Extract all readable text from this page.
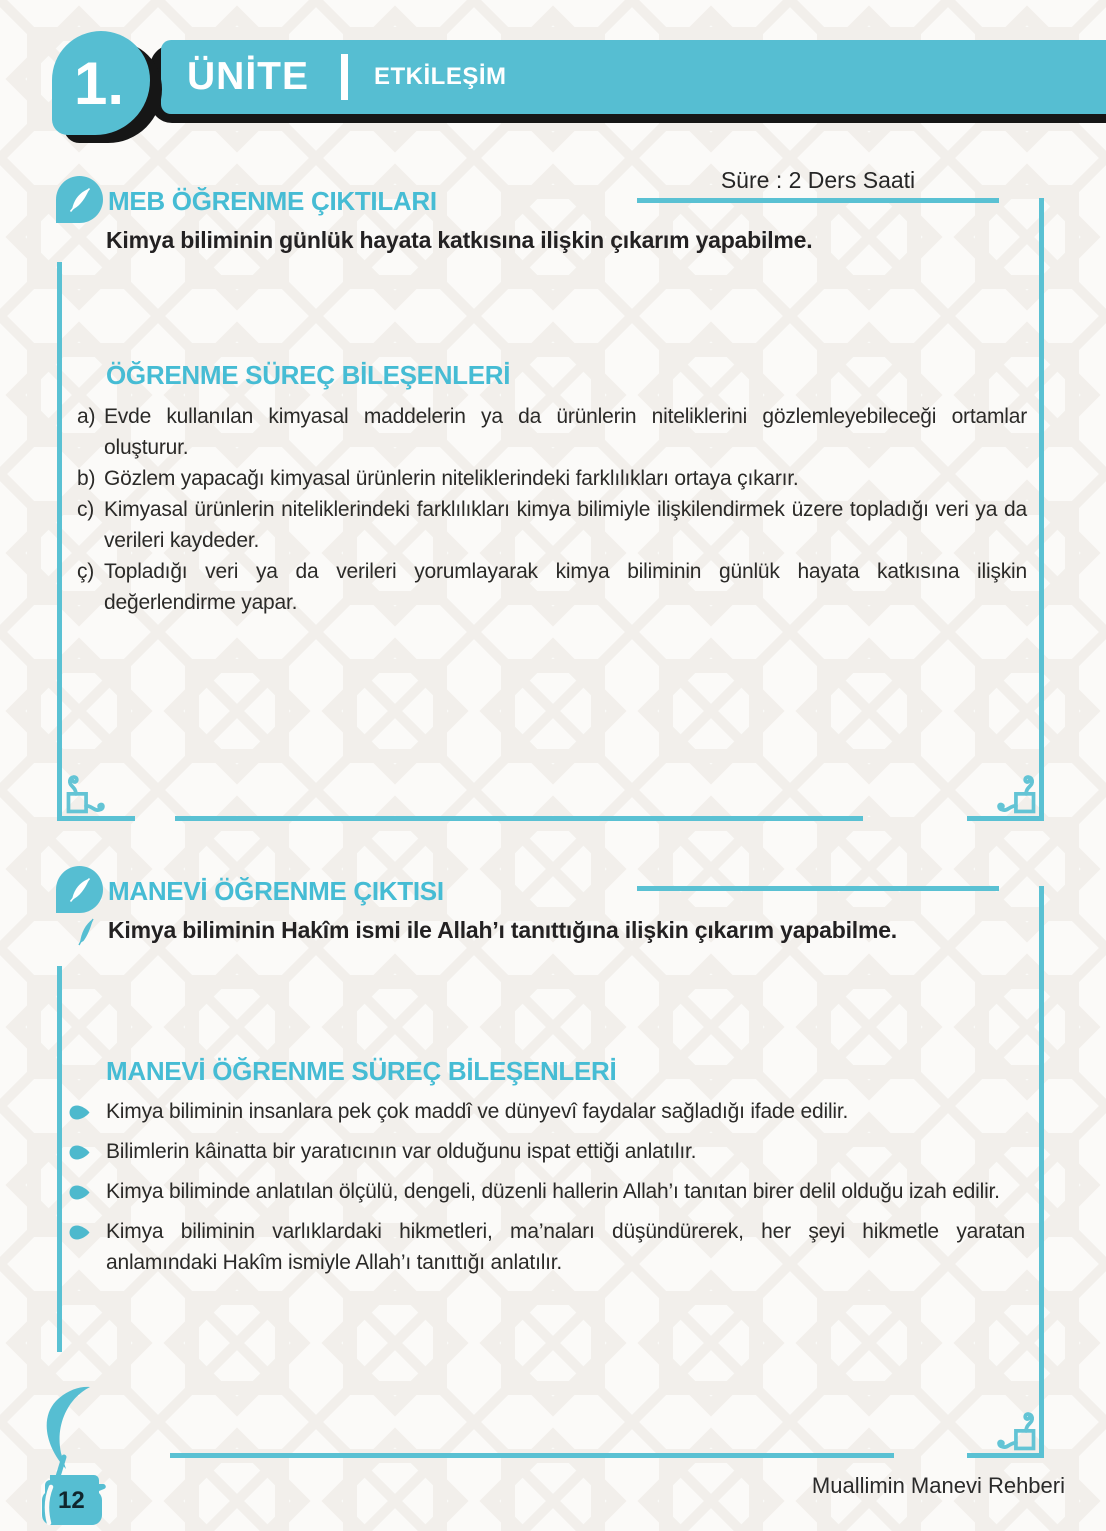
ÜNİTE	ETKİLEŞİM
1.
MEB ÖĞRENME ÇIKTILARI
Süre : 2 Ders Saati
Kimya biliminin günlük hayata katkısına ilişkin çıkarım yapabilme.
ÖĞRENME SÜREÇ BİLEŞENLERİ
a) Evde kullanılan kimyasal maddelerin ya da ürünlerin niteliklerini gözlemleyebileceği ortamlar oluşturur.
b) Gözlem yapacağı kimyasal ürünlerin niteliklerindeki farklılıkları ortaya çıkarır.
c) Kimyasal ürünlerin niteliklerindeki farklılıkları kimya bilimiyle ilişkilendirmek üzere topladığı veri ya da verileri kaydeder.
ç) Topladığı veri ya da verileri yorumlayarak kimya biliminin günlük hayata katkısına ilişkin değerlendirme yapar.
MANEVİ ÖĞRENME ÇIKTISI
Kimya biliminin Hakîm ismi ile Allah’ı tanıttığına ilişkin çıkarım yapabilme.
MANEVİ ÖĞRENME SÜREÇ BİLEŞENLERİ
Kimya biliminin insanlara pek çok maddî ve dünyevî faydalar sağladığı ifade edilir.
Bilimlerin kâinatta bir yaratıcının var olduğunu ispat ettiği anlatılır.
Kimya biliminde anlatılan ölçülü, dengeli, düzenli hallerin Allah’ı tanıtan birer delil olduğu izah edilir.
Kimya biliminin varlıklardaki hikmetleri, ma’naları düşündürerek, her şeyi hikmetle yaratan anlamındaki Hakîm ismiyle Allah’ı tanıttığı anlatılır.
12
Muallimin Manevi Rehberi
